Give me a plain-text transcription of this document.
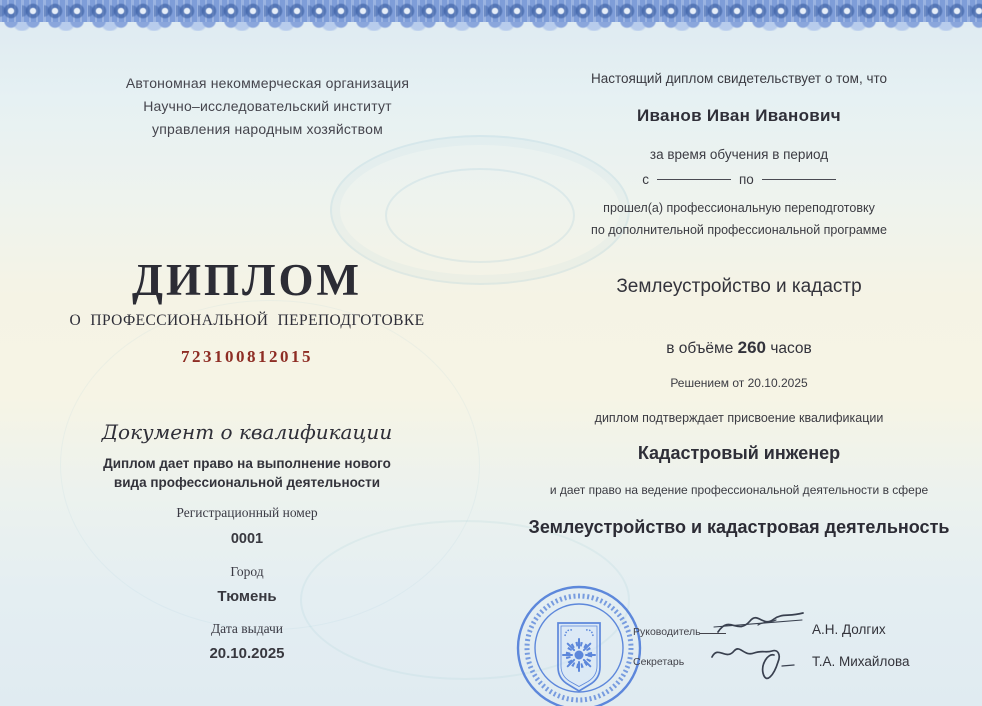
Автономная некоммерческая организация
Научно–исследовательский институт
управления народным хозяйством
ДИПЛОМ
О ПРОФЕССИОНАЛЬНОЙ ПЕРЕПОДГОТОВКЕ
723100812015
Документ о квалификации
Диплом дает право на выполнение нового
вида профессиональной деятельности
Регистрационный номер
0001
Город
Тюмень
Дата выдачи
20.10.2025
Настоящий диплом свидетельствует о том, что
Иванов Иван Иванович
за время обучения в период
с	по
прошел(а) профессиональную переподготовку
по дополнительной профессиональной программе
Землеустройство и кадастр
в объёме 260 часов
Решением от 20.10.2025
диплом подтверждает присвоение квалификации
Кадастровый инженер
и дает право на ведение профессиональной деятельности в сфере
Землеустройство и кадастровая деятельность
Руководитель	А.Н. Долгих
Секретарь	Т.А. Михайлова
